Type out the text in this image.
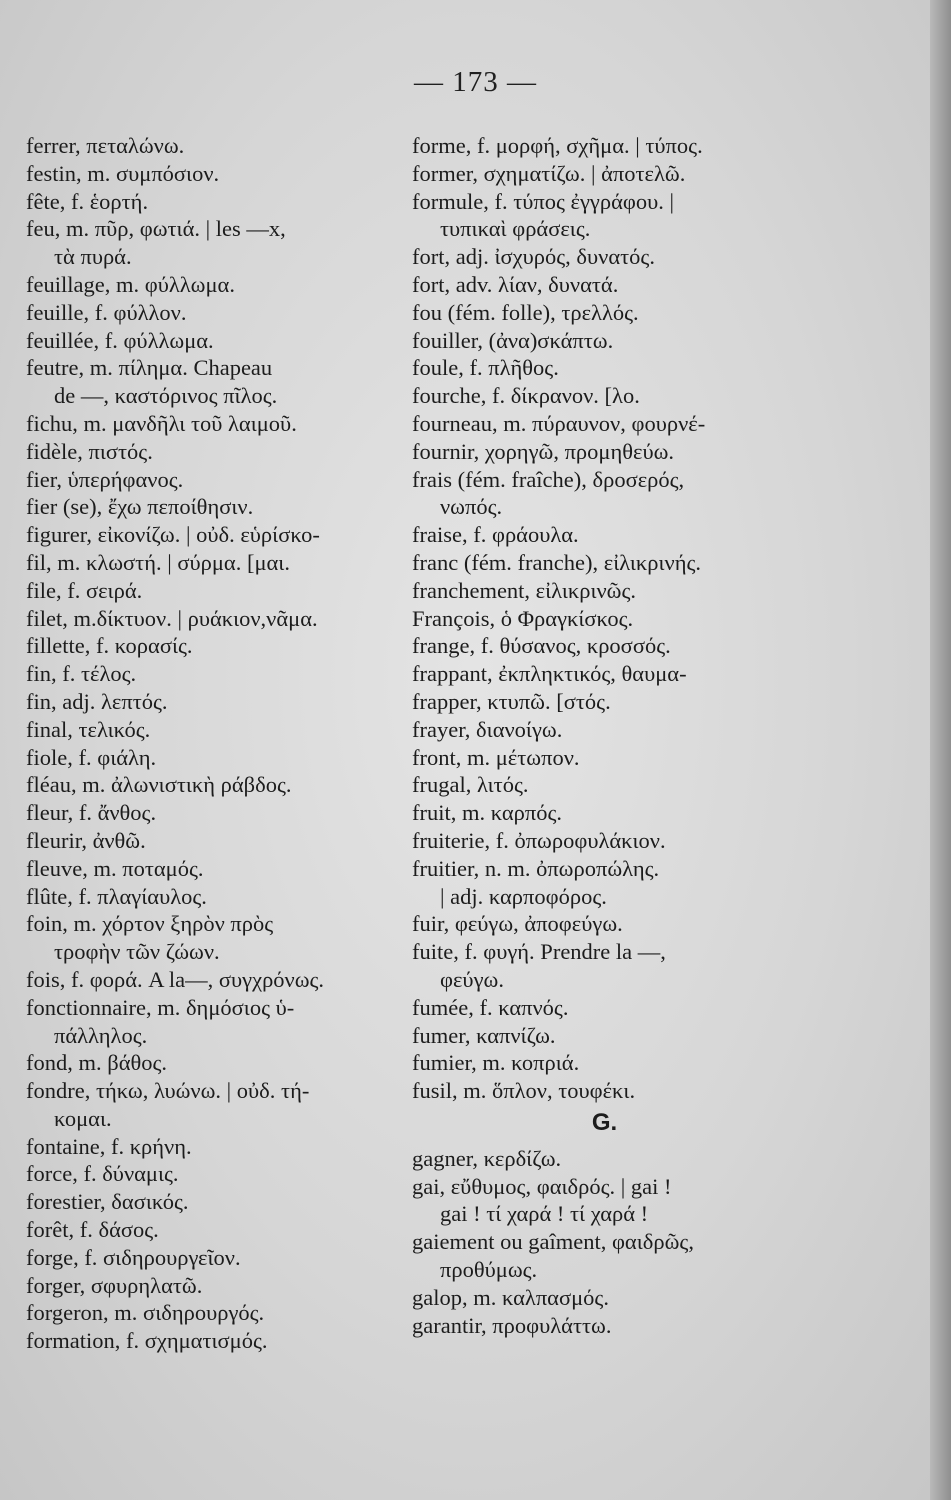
— 173 —
ferrer, πεταλώνω.
festin, m. συμπόσιον.
fête, f. ἑορτή.
feu, m. πῦρ, φωτιά. | les —x,
τὰ πυρά.
feuillage, m. φύλλωμα.
feuille, f. φύλλον.
feuillée, f. φύλλωμα.
feutre, m. πίλημα. Chapeau
de —, καστόρινος πῖλος.
fichu, m. μανδῆλι τοῦ λαιμοῦ.
fidèle, πιστός.
fier, ὑπερήφανος.
fier (se), ἔχω πεποίθησιν.
figurer, εἰκονίζω. | οὐδ. εὑρίσκο-
fil, m. κλωστή. | σύρμα. [μαι.
file, f. σειρά.
filet, m.δίκτυον. | ρυάκιον,νᾶμα.
fillette, f. κορασίς.
fin, f. τέλος.
fin, adj. λεπτός.
final, τελικός.
fiole, f. φιάλη.
fléau, m. ἀλωνιστικὴ ράβδος.
fleur, f. ἄνθος.
fleurir, ἀνθῶ.
fleuve, m. ποταμός.
flûte, f. πλαγίαυλος.
foin, m. χόρτον ξηρὸν πρὸς
τροφὴν τῶν ζώων.
fois, f. φορά. A la—, συγχρόνως.
fonctionnaire, m. δημόσιος ὑ-
πάλληλος.
fond, m. βάθος.
fondre, τήκω, λυώνω. | οὐδ. τή-
κομαι.
fontaine, f. κρήνη.
force, f. δύναμις.
forestier, δασικός.
forêt, f. δάσος.
forge, f. σιδηρουργεῖον.
forger, σφυρηλατῶ.
forgeron, m. σιδηρουργός.
formation, f. σχηματισμός.
forme, f. μορφή, σχῆμα. | τύπος.
former, σχηματίζω. | ἀποτελῶ.
formule, f. τύπος ἐγγράφου. |
τυπικαὶ φράσεις.
fort, adj. ἰσχυρός, δυνατός.
fort, adv. λίαν, δυνατά.
fou (fém. folle), τρελλός.
fouiller, (ἀνα)σκάπτω.
foule, f. πλῆθος.
fourche, f. δίκρανον. [λο.
fourneau, m. πύραυνον, φουρνέ-
fournir, χορηγῶ, προμηθεύω.
frais (fém. fraîche), δροσερός,
νωπός.
fraise, f. φράουλα.
franc (fém. franche), εἰλικρινής.
franchement, εἰλικρινῶς.
François, ὁ Φραγκίσκος.
frange, f. θύσανος, κροσσός.
frappant, ἐκπληκτικός, θαυμα-
frapper, κτυπῶ. [στός.
frayer, διανοίγω.
front, m. μέτωπον.
frugal, λιτός.
fruit, m. καρπός.
fruiterie, f. ὀπωροφυλάκιον.
fruitier, n. m. ὀπωροπώλης.
| adj. καρποφόρος.
fuir, φεύγω, ἀποφεύγω.
fuite, f. φυγή. Prendre la —,
φεύγω.
fumée, f. καπνός.
fumer, καπνίζω.
fumier, m. κοπριά.
fusil, m. ὅπλον, τουφέκι.
G.
gagner, κερδίζω.
gai, εὔθυμος, φαιδρός. | gai !
gai ! τί χαρά ! τί χαρά !
gaiement ou gaîment, φαιδρῶς,
προθύμως.
galop, m. καλπασμός.
garantir, προφυλάττω.
